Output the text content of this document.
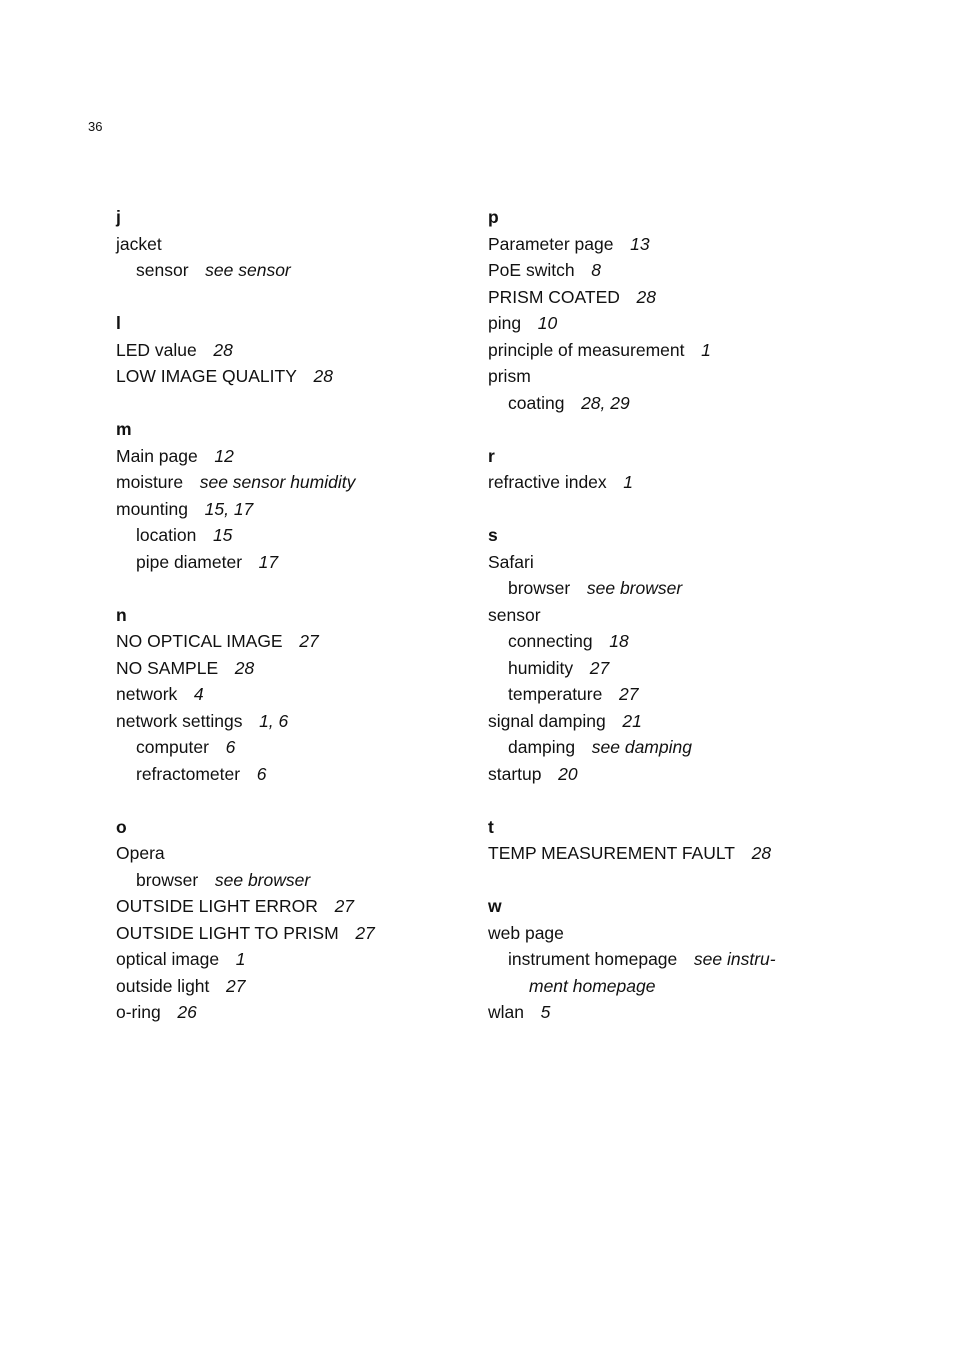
36
j
jacket
sensor see sensor
l
LED value 28
LOW IMAGE QUALITY 28
m
Main page 12
moisture see sensor humidity
mounting 15, 17
location 15
pipe diameter 17
n
NO OPTICAL IMAGE 27
NO SAMPLE 28
network 4
network settings 1, 6
computer 6
refractometer 6
o
Opera
browser see browser
OUTSIDE LIGHT ERROR 27
OUTSIDE LIGHT TO PRISM 27
optical image 1
outside light 27
o-ring 26
p
Parameter page 13
PoE switch 8
PRISM COATED 28
ping 10
principle of measurement 1
prism
coating 28, 29
r
refractive index 1
s
Safari
browser see browser
sensor
connecting 18
humidity 27
temperature 27
signal damping 21
damping see damping
startup 20
t
TEMP MEASUREMENT FAULT 28
w
web page
instrument homepage see instru-
ment homepage
wlan 5
